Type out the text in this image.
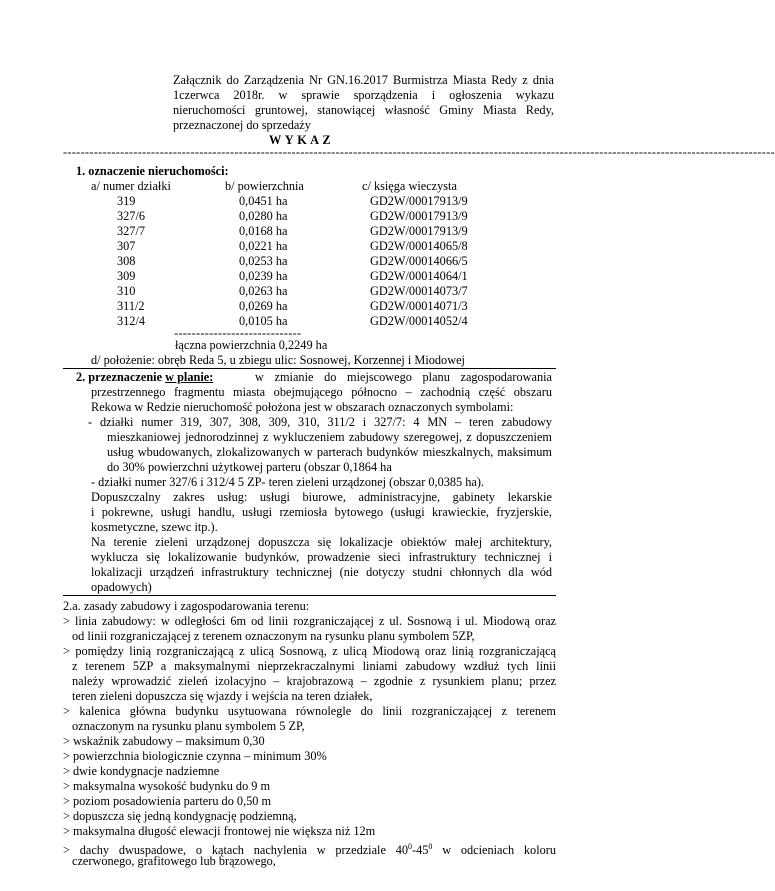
Załącznik do Zarządzenia Nr GN.16.2017 Burmistrza Miasta Redy z dnia
1czerwca 2018r. w sprawie sporządzenia i ogłoszenia wykazu
nieruchomości gruntowej, stanowiącej własność Gminy Miasta Redy,
przeznaczonej do sprzedaży
W Y K A Z
------------------------------------------------------------------------------------------------------------------------------------------------------------------
1. oznaczenie nieruchomości:
a/ numer działki	b/ powierzchnia	c/ księga wieczysta
319	0,0451 ha	GD2W/00017913/9
327/6	0,0280 ha	GD2W/00017913/9
327/7	0,0168 ha	GD2W/00017913/9
307	0,0221 ha	GD2W/00014065/8
308	0,0253 ha	GD2W/00014066/5
309	0,0239 ha	GD2W/00014064/1
310	0,0263 ha	GD2W/00014073/7
311/2	0,0269 ha	GD2W/00014071/3
312/4	0,0105 ha	GD2W/00014052/4
-----------------------------
łączna powierzchnia 0,2249 ha
d/ położenie: obręb Reda 5, u zbiegu ulic: Sosnowej, Korzennej i Miodowej
2. przeznaczenie w planie:	w zmianie do miejscowego planu zagospodarowania
przestrzennego fragmentu miasta obejmującego północno – zachodnią część obszaru
Rekowa w Redzie nieruchomość położona jest w obszarach oznaczonych symbolami:
- działki numer 319, 307, 308, 309, 310, 311/2 i 327/7: 4 MN – teren zabudowy
mieszkaniowej jednorodzinnej z wykluczeniem zabudowy szeregowej, z dopuszczeniem
usług wbudowanych, zlokalizowanych w parterach budynków mieszkalnych, maksimum
do 30% powierzchni użytkowej parteru (obszar 0,1864 ha
- działki numer 327/6 i 312/4 5 ZP- teren zieleni urządzonej (obszar 0,0385 ha).
Dopuszczalny zakres usług: usługi biurowe, administracyjne, gabinety lekarskie
i pokrewne, usługi handlu, usługi rzemiosła bytowego (usługi krawieckie, fryzjerskie,
kosmetyczne, szewc itp.).
Na terenie zieleni urządzonej dopuszcza się lokalizacje obiektów małej architektury,
wyklucza się lokalizowanie budynków, prowadzenie sieci infrastruktury technicznej i
lokalizacji urządzeń infrastruktury technicznej (nie dotyczy studni chłonnych dla wód
opadowych)
2.a. zasady zabudowy i zagospodarowania terenu:
> linia zabudowy: w odległości 6m od linii rozgraniczającej z ul. Sosnową i ul. Miodową oraz
od linii rozgraniczającej z terenem oznaczonym na rysunku planu symbolem 5ZP,
> pomiędzy linią rozgraniczającą z ulicą Sosnową, z ulicą Miodową oraz linią rozgraniczającą
z terenem 5ZP a maksymalnymi nieprzekraczalnymi liniami zabudowy wzdłuż tych linii
należy wprowadzić zieleń izolacyjno – krajobrazową – zgodnie z rysunkiem planu; przez
teren zieleni dopuszcza się wjazdy i wejścia na teren działek,
> kalenica główna budynku usytuowana równolegle do linii rozgraniczającej z terenem
oznaczonym na rysunku planu symbolem 5 ZP,
> wskaźnik zabudowy – maksimum 0,30
> powierzchnia biologicznie czynna – minimum 30%
> dwie kondygnacje nadziemne
> maksymalna wysokość budynku do 9 m
> poziom posadowienia parteru do 0,50 m
> dopuszcza się jedną kondygnację podziemną,
> maksymalna długość elewacji frontowej nie większa niż 12m
> dachy dwuspadowe, o kątach nachylenia w przedziale $40^0-45^0$ w odcieniach koloru
czerwonego, grafitowego lub brązowego,
